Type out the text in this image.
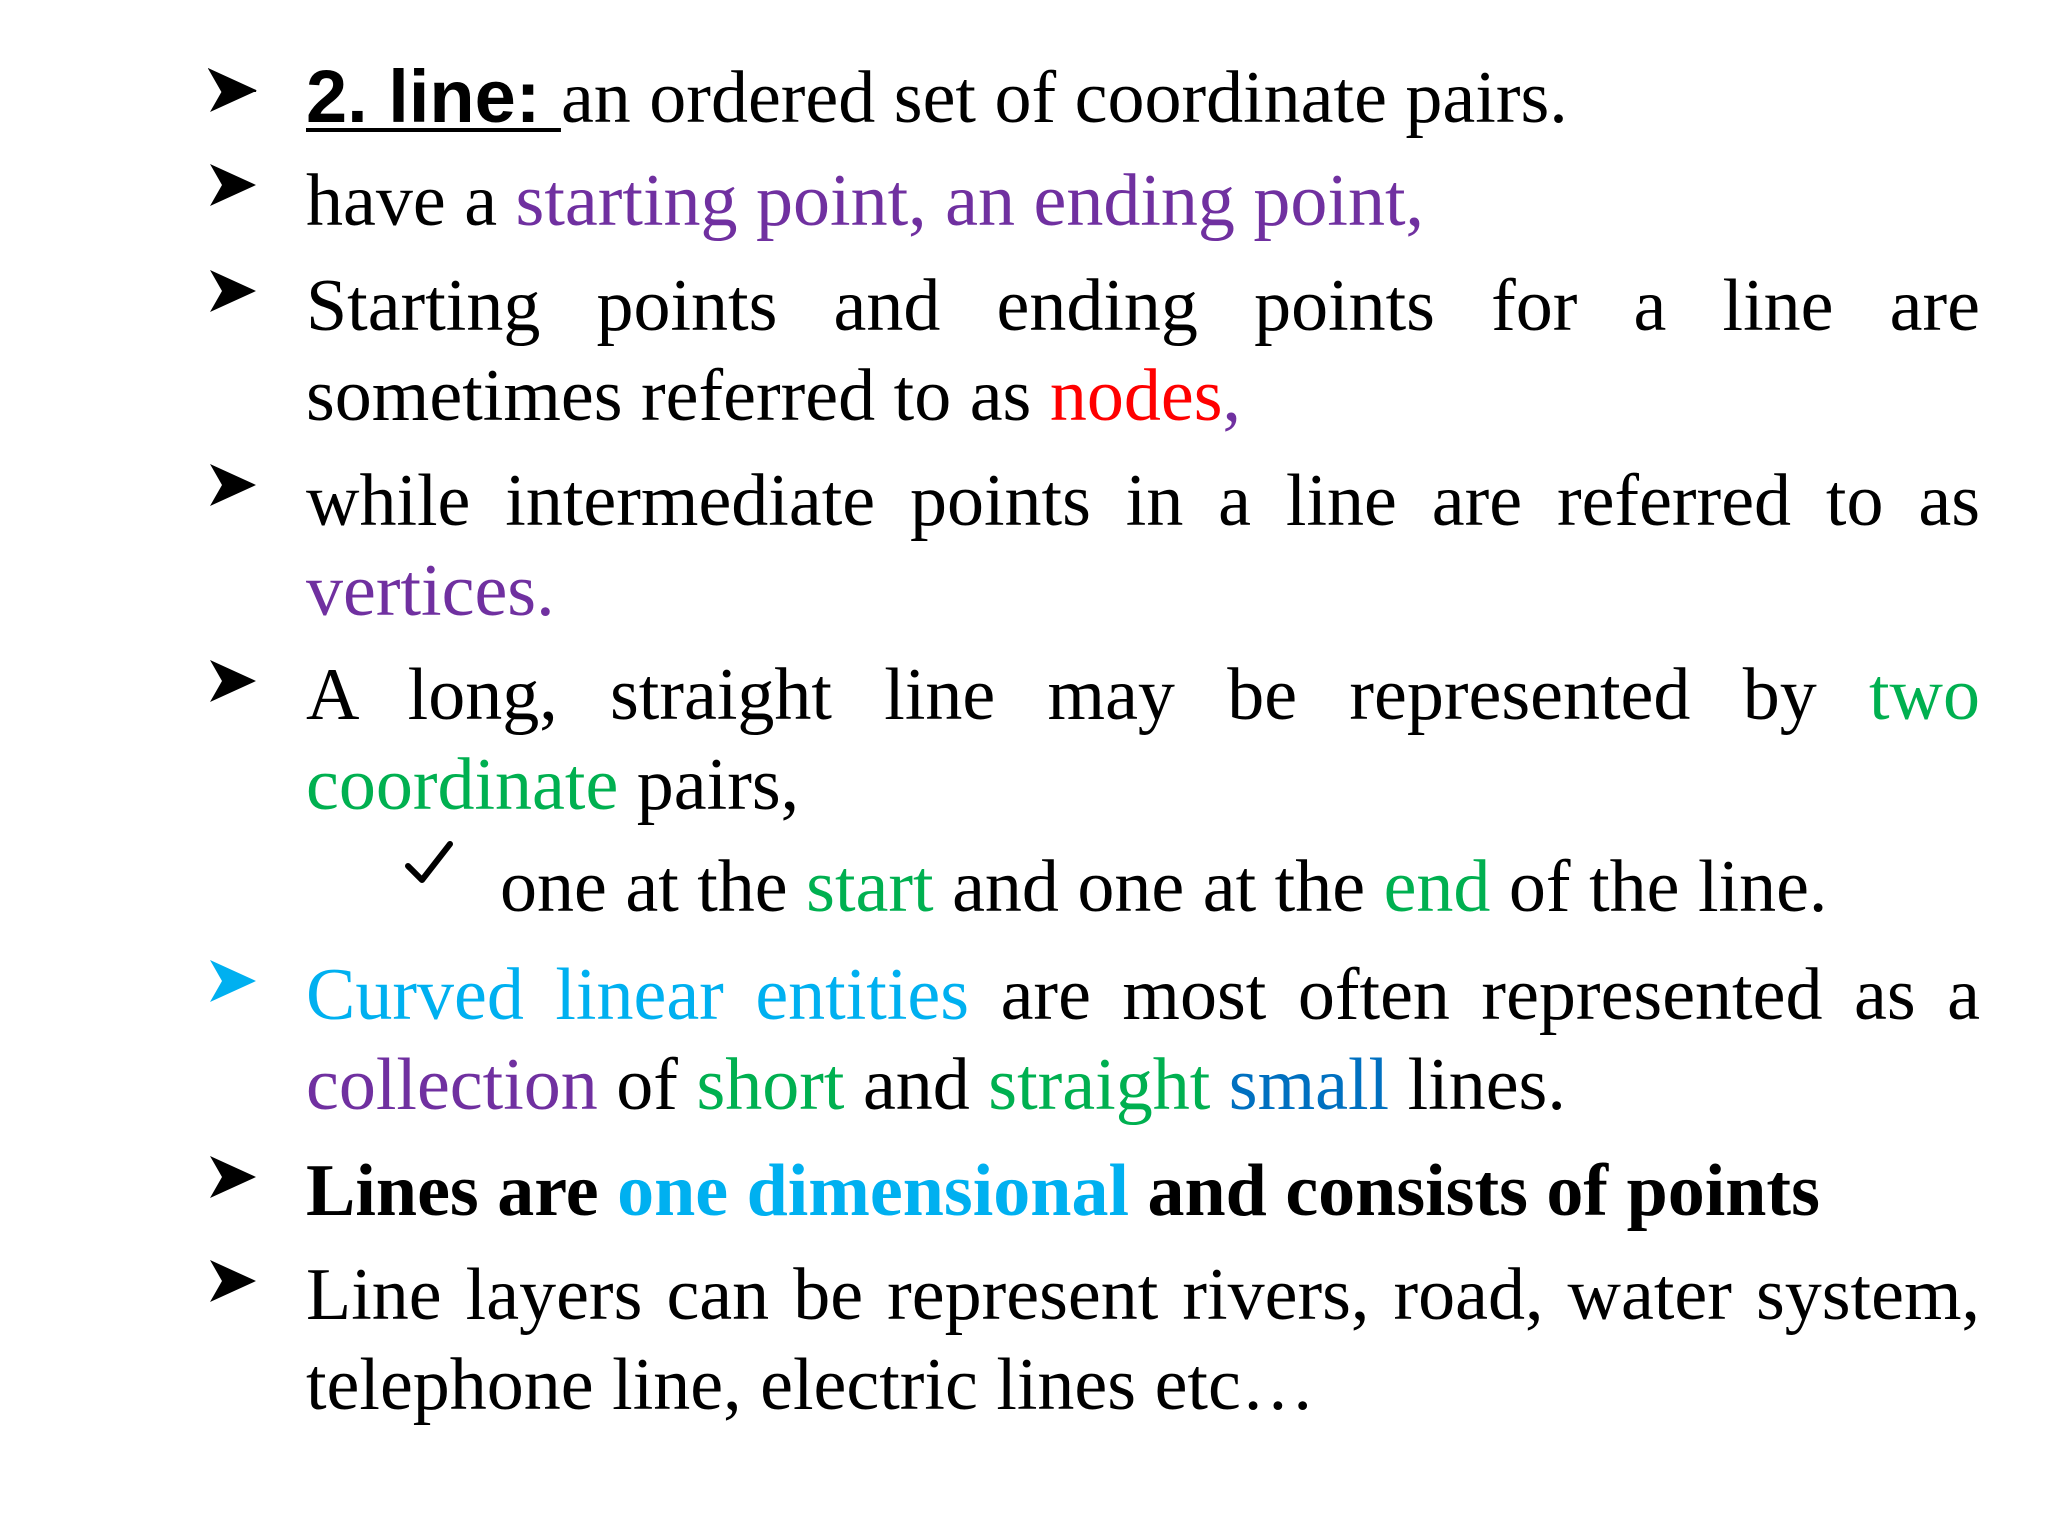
2. line: an ordered set of coordinate pairs.
have a starting point, an ending point,
Starting points and ending points for a line are sometimes referred to as nodes,
while intermediate points in a line are referred to as vertices.
A long, straight line may be represented by two coordinate pairs,
one at the start and one at the end of the line.
Curved linear entities are most often represented as a collection of short and straight small lines.
Lines are one dimensional and consists of points
Line layers can be represent rivers, road, water system, telephone line, electric lines etc…
